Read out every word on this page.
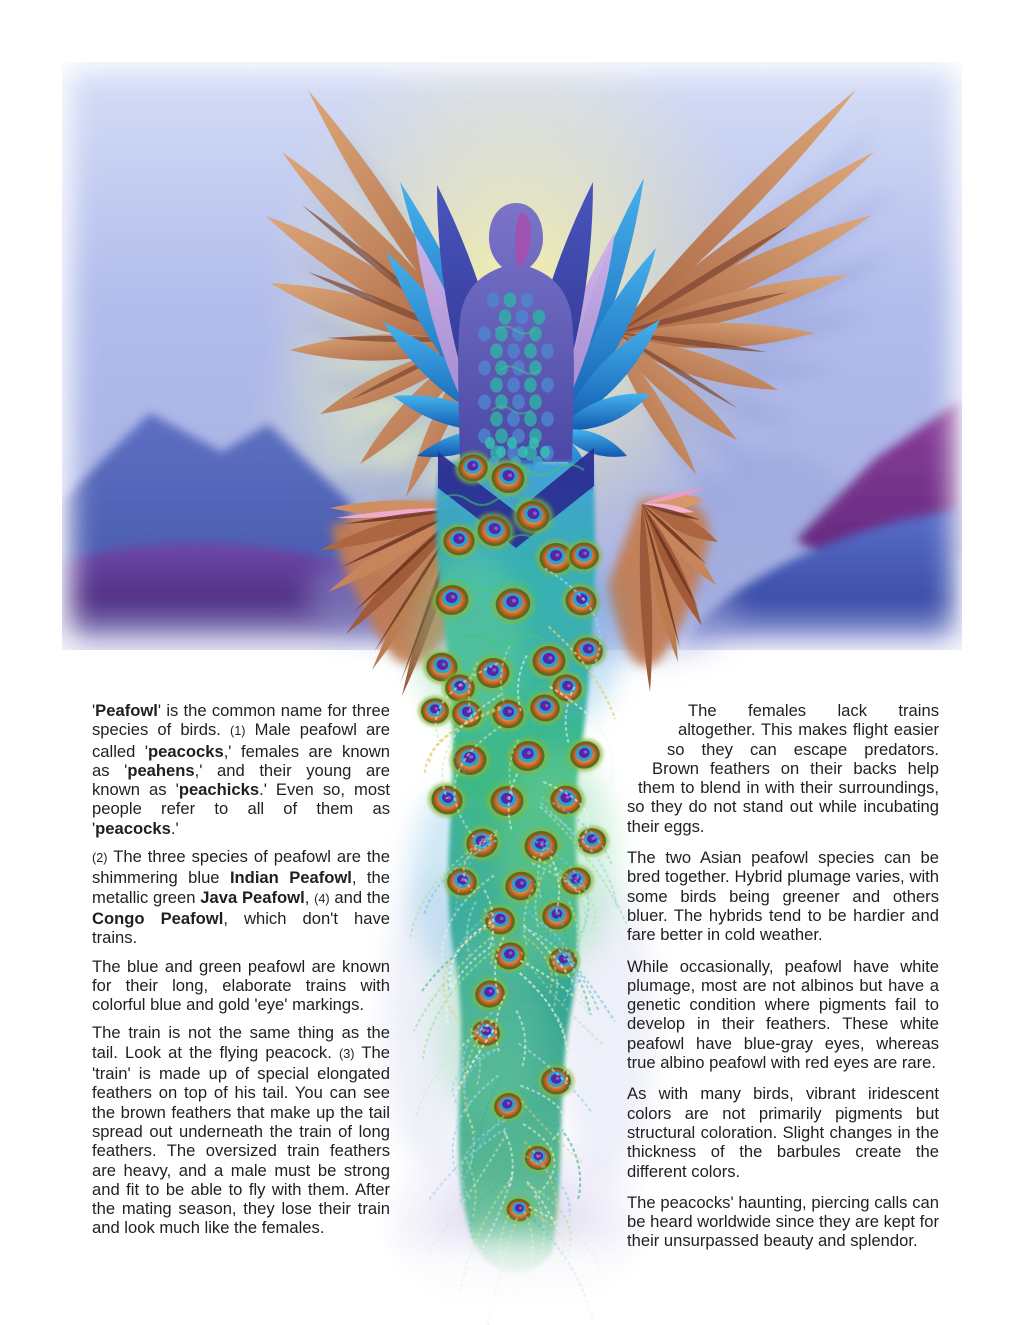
'Peafowl' is the common name for three species of birds. (1) Male peafowl are called 'peacocks,' females are known as 'peahens,' and their young are known as 'peachicks.' Even so, most people refer to all of them as 'peacocks.'

(2) The three species of peafowl are the shimmering blue Indian Peafowl, the metallic green Java Peafowl, (4) and the Congo Peafowl, which don't have trains.

The blue and green peafowl are known for their long, elaborate trains with colorful blue and gold 'eye' markings.

The train is not the same thing as the tail. Look at the flying peacock. (3) The 'train' is made up of special elongated feathers on top of his tail. You can see the brown feathers that make up the tail spread out underneath the train of long feathers. The oversized train feathers are heavy, and a male must be strong and fit to be able to fly with them. After the mating season, they lose their train and look much like the females.

The females lack trains altogether. This makes flight easier so they can escape predators. Brown feathers on their backs help them to blend in with their surroundings, so they do not stand out while incubating their eggs.

The two Asian peafowl species can be bred together. Hybrid plumage varies, with some birds being greener and others bluer. The hybrids tend to be hardier and fare better in cold weather.

While occasionally, peafowl have white plumage, most are not albinos but have a genetic condition where pigments fail to develop in their feathers. These white peafowl have blue-gray eyes, whereas true albino peafowl with red eyes are rare.

As with many birds, vibrant iridescent colors are not primarily pigments but structural coloration. Slight changes in the thickness of the barbules create the different colors.

The peacocks' haunting, piercing calls can be heard worldwide since they are kept for their unsurpassed beauty and splendor.
